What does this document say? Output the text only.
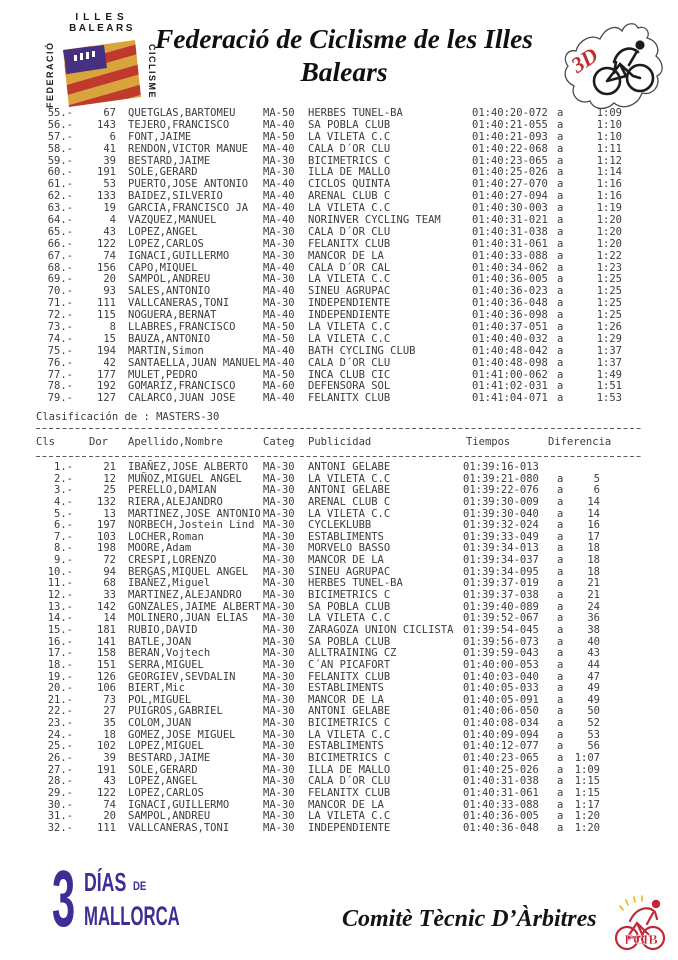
ILLES
BALEARS
FEDERACIÓ	CICLISME
Federació de Ciclisme de les Illes
Balears	3D
55.-	67 QUETGLAS,BARTOMEU	MA-50 HERBES TUNEL-BA	01:40:20-072 a	1:09
56.-	143 TEJERO,FRANCISCO	MA-40 SA POBLA CLUB	01:40:21-055 a	1:10
57.-	6 FONT,JAIME	MA-50 LA VILETA C.C	01:40:21-093 a	1:10
58.-	41 RENDON,VICTOR MANUE MA-40 CALA D´OR CLU	01:40:22-068 a	1:11
59.-	39 BESTARD,JAIME	MA-30 BICIMETRICS C	01:40:23-065 a	1:12
60.-	191 SOLE,GERARD	MA-30 ILLA DE MALLO	01:40:25-026 a	1:14
61.-	53 PUERTO,JOSE ANTONIO MA-40 CICLOS QUINTA	01:40:27-070 a	1:16
62.-	133 BAIDEZ,SILVERIO	MA-40 ARENAL CLUB C	01:40:27-094 a	1:16
63.-	19 GARCIA,FRANCISCO JA MA-40 LA VILETA C.C	01:40:30-003 a	1:19
64.-	4 VAZQUEZ,MANUEL	MA-40 NORINVER CYCLING TEAM	01:40:31-021 a	1:20
65.-	43 LOPEZ,ANGEL	MA-30 CALA D´OR CLU	01:40:31-038 a	1:20
66.-	122 LOPEZ,CARLOS	MA-30 FELANITX CLUB	01:40:31-061 a	1:20
67.-	74 IGNACI,GUILLERMO	MA-30 MANCOR DE LA	01:40:33-088 a	1:22
68.-	156 CAPO,MIQUEL	MA-40 CALA D´OR CAL	01:40:34-062 a	1:23
69.-	20 SAMPOL,ANDREU	MA-30 LA VILETA C.C	01:40:36-005 a	1:25
70.-	93 SALES,ANTONIO	MA-40 SINEU AGRUPAC	01:40:36-023 a	1:25
71.-	111 VALLCANERAS,TONI	MA-30 INDEPENDIENTE	01:40:36-048 a	1:25
72.-	115 NOGUERA,BERNAT	MA-40 INDEPENDIENTE	01:40:36-098 a	1:25
73.-	8 LLABRES,FRANCISCO	MA-50 LA VILETA C.C	01:40:37-051 a	1:26
74.-	15 BAUZA,ANTONIO	MA-50 LA VILETA C.C	01:40:40-032 a	1:29
75.-	194 MARTIN,Simon	MA-40 BATH CYCLING CLUB	01:40:48-042 a	1:37
76.-	42 SANTAELLA,JUAN MANUEL MA-40 CALA D´OR CLU	01:40:48-098 a	1:37
77.-	177 MULET,PEDRO	MA-50 INCA CLUB CIC	01:41:00-062 a	1:49
78.-	192 GOMARIZ,FRANCISCO	MA-60 DEFENSORA SOL	01:41:02-031 a	1:51
79.-	127 CALARCO,JUAN JOSE	MA-40 FELANITX CLUB	01:41:04-071 a	1:53
Clasificación de : MASTERS-30
Cls	Dor Apellido,Nombre	Categ Publicidad	Tiempos	Diferencia
1.-	21 IBAÑEZ,JOSE ALBERTO MA-30 ANTONI GELABE	01:39:16-013
2.-	12 MUÑOZ,MIGUEL ANGEL MA-30 LA VILETA C.C	01:39:21-080 a	5
3.-	25 PERELLO,DAMIAN	MA-30 ANTONI GELABE	01:39:22-076 a	6
4.-	132 RIERA,ALEJANDRO	MA-30 ARENAL CLUB C	01:39:30-009 a	14
5.-	13 MARTINEZ,JOSE ANTONIO MA-30 LA VILETA C.C	01:39:30-040 a	14
6.-	197 NORBECH,Jostein Lind MA-30 CYCLEKLUBB	01:39:32-024 a	16
7.-	103 LOCHER,Roman	MA-30 ESTABLIMENTS	01:39:33-049 a	17
8.-	198 MOORE,Adam	MA-30 MORVELO BASSO	01:39:34-013 a	18
9.-	72 CRESPI,LORENZO	MA-30 MANCOR DE LA	01:39:34-037 a	18
10.-	94 BERGAS,MIQUEL ANGEL MA-30 SINEU AGRUPAC	01:39:34-095 a	18
11.-	68 IBAÑEZ,Miguel	MA-30 HERBES TUNEL-BA	01:39:37-019 a	21
12.-	33 MARTINEZ,ALEJANDRO MA-30 BICIMETRICS C	01:39:37-038 a	21
13.-	142 GONZALES,JAIME ALBERT MA-30 SA POBLA CLUB	01:39:40-089 a	24
14.-	14 MOLINERO,JUAN ELIAS MA-30 LA VILETA C.C	01:39:52-067 a	36
15.-	181 RUBIO,DAVID	MA-30 ZARAGOZA UNION CICLISTA 01:39:54-045 a	38
16.-	141 BATLE,JOAN	MA-30 SA POBLA CLUB	01:39:56-073 a	40
17.-	158 BERAN,Vojtech	MA-30 ALLTRAINING CZ	01:39:59-043 a	43
18.-	151 SERRA,MIGUEL	MA-30 C´AN PICAFORT	01:40:00-053 a	44
19.-	126 GEORGIEV,SEVDALIN	MA-30 FELANITX CLUB	01:40:03-040 a	47
20.-	106 BIERT,Mic	MA-30 ESTABLIMENTS	01:40:05-033 a	49
21.-	73 POL,MIGUEL	MA-30 MANCOR DE LA	01:40:05-091 a	49
22.-	27 PUIGROS,GABRIEL	MA-30 ANTONI GELABE	01:40:06-050 a	50
23.-	35 COLOM,JUAN	MA-30 BICIMETRICS C	01:40:08-034 a	52
24.-	18 GOMEZ,JOSE MIGUEL	MA-30 LA VILETA C.C	01:40:09-094 a	53
25.-	102 LOPEZ,MIGUEL	MA-30 ESTABLIMENTS	01:40:12-077 a	56
26.-	39 BESTARD,JAIME	MA-30 BICIMETRICS C	01:40:23-065 a	1:07
27.-	191 SOLE,GERARD	MA-30 ILLA DE MALLO	01:40:25-026 a	1:09
28.-	43 LOPEZ,ANGEL	MA-30 CALA D´OR CLU	01:40:31-038 a	1:15
29.-	122 LOPEZ,CARLOS	MA-30 FELANITX CLUB	01:40:31-061 a	1:15
30.-	74 IGNACI,GUILLERMO	MA-30 MANCOR DE LA	01:40:33-088 a	1:17
31.-	20 SAMPOL,ANDREU	MA-30 LA VILETA C.C	01:40:36-005 a	1:20
32.-	111 VALLCANERAS,TONI	MA-30 INDEPENDIENTE	01:40:36-048 a	1:20
3 DÍAS DE
MALLORCA	Comitè Tècnic D’Àrbitres
FCIB
